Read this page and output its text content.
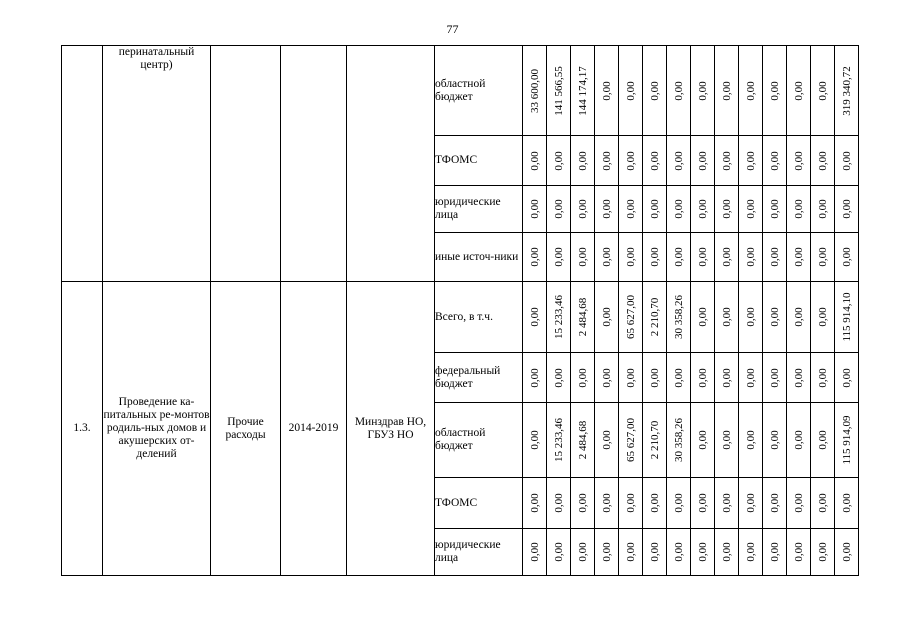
77
	перинатальный центр)				областной бюджет	33 600,00	141 566,55	144 174,17	0,00	0,00	0,00	0,00	0,00	0,00	0,00	0,00	0,00	0,00	319 340,72

					ТФОМС	0,00	0,00	0,00	0,00	0,00	0,00	0,00	0,00	0,00	0,00	0,00	0,00	0,00	0,00

					юридические лица	0,00	0,00	0,00	0,00	0,00	0,00	0,00	0,00	0,00	0,00	0,00	0,00	0,00	0,00

					иные источ-ники	0,00	0,00	0,00	0,00	0,00	0,00	0,00	0,00	0,00	0,00	0,00	0,00	0,00	0,00

1.3.	Проведение ка-питальных ре-монтов родиль-ных домов и акушерских от-делений	Прочие расходы	2014-2019	Минздрав НО, ГБУЗ НО	Всего, в т.ч.	0,00	15 233,46	2 484,68	0,00	65 627,00	2 210,70	30 358,26	0,00	0,00	0,00	0,00	0,00	0,00	115 914,10

					федеральный бюджет	0,00	0,00	0,00	0,00	0,00	0,00	0,00	0,00	0,00	0,00	0,00	0,00	0,00	0,00

					областной бюджет	0,00	15 233,46	2 484,68	0,00	65 627,00	2 210,70	30 358,26	0,00	0,00	0,00	0,00	0,00	0,00	115 914,09

					ТФОМС	0,00	0,00	0,00	0,00	0,00	0,00	0,00	0,00	0,00	0,00	0,00	0,00	0,00	0,00

					юридические лица	0,00	0,00	0,00	0,00	0,00	0,00	0,00	0,00	0,00	0,00	0,00	0,00	0,00	0,00
